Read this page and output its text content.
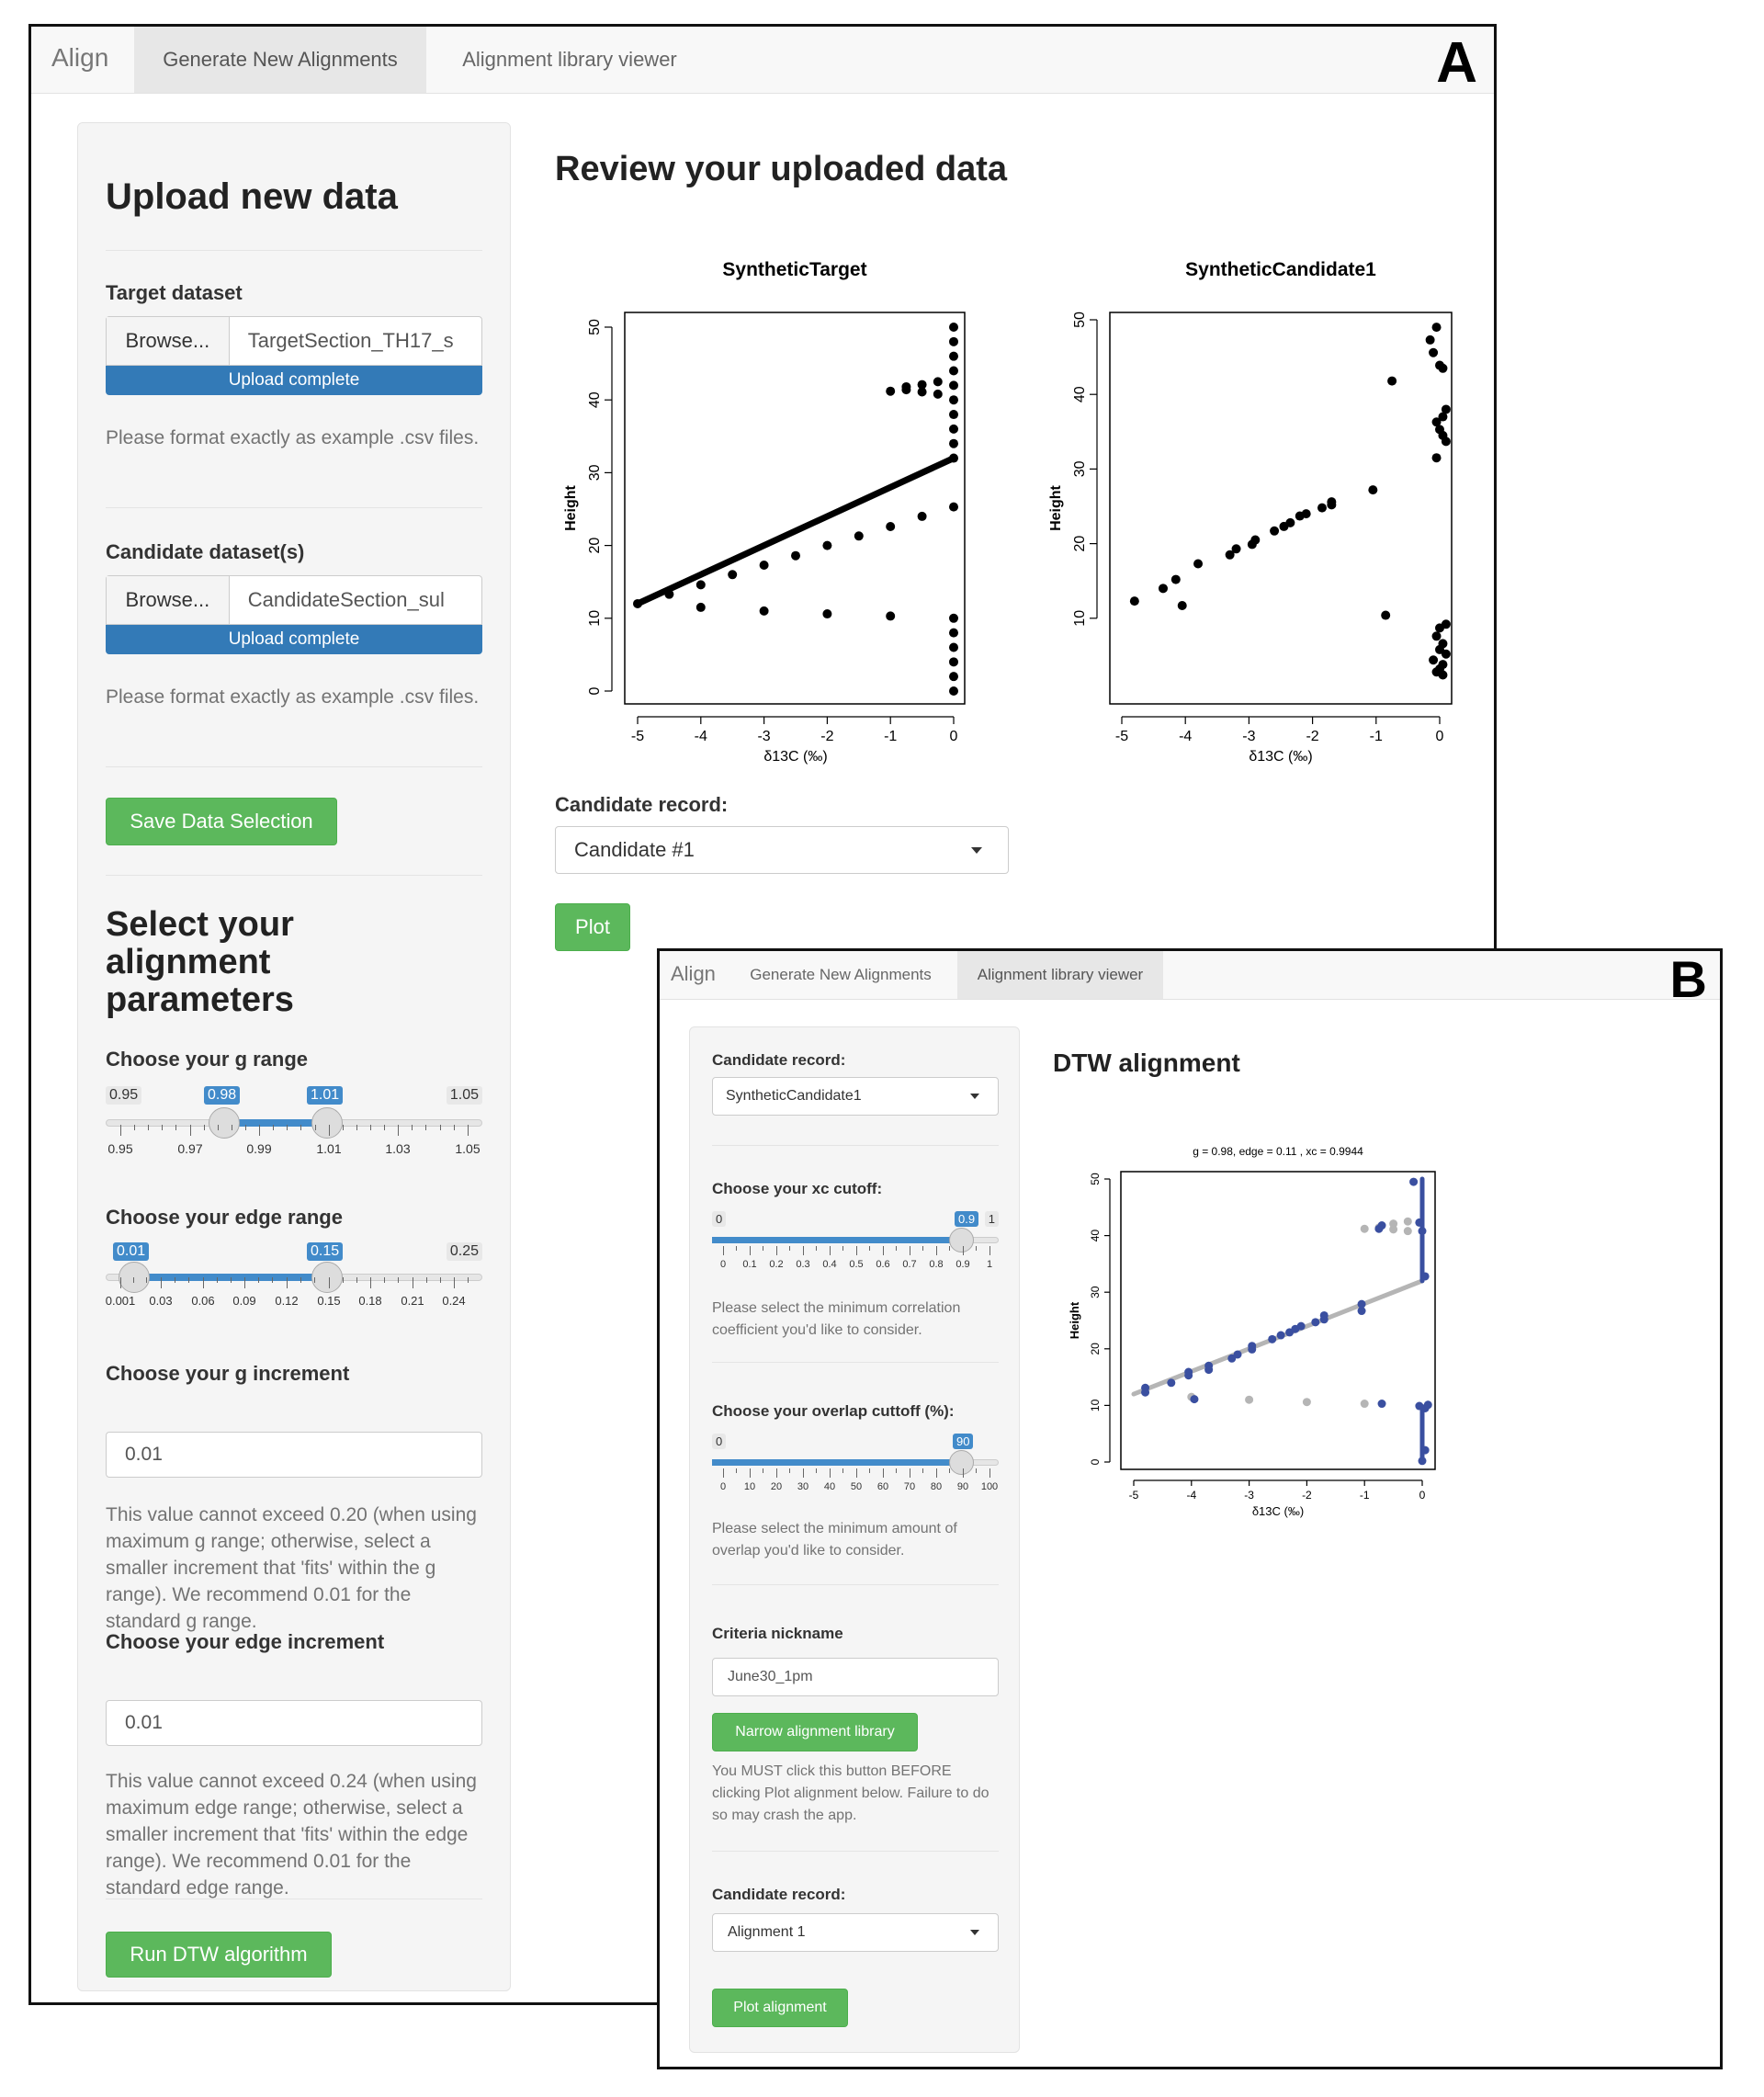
Align	Generate New Alignments	Alignment library viewer	A
Upload new data
Target dataset
Browse...	TargetSection_TH17_s
Upload complete
Please format exactly as example .csv files.
Candidate dataset(s)
Browse...	CandidateSection_sul
Upload complete
Please format exactly as example .csv files.
Save Data Selection
Select your alignment parameters
Choose your g range
0.95	1.05
0.98	1.01
0.95	0.97	0.99	1.01	1.03	1.05
Choose your edge range
0.25
0.01	0.15
0.001 0.03 0.06 0.09 0.12 0.15 0.18 0.21 0.24
Choose your g increment
0.01
This value cannot exceed 0.20 (when using maximum g range; otherwise, select a smaller increment that 'fits' within the g range). We recommend 0.01 for the standard g range.
Choose your edge increment
0.01
This value cannot exceed 0.24 (when using maximum edge range; otherwise, select a smaller increment that 'fits' within the edge range). We recommend 0.01 for the standard edge range.
Run DTW algorithm
Review your uploaded data
SyntheticTarget
-5	-4	-3	-2	-1	0
0
10
20
30
40
50
δ13C (‰)
Height
SyntheticCandidate1
-5	-4	-3	-2	-1	0
10
20
30
40
50
δ13C (‰)
Height
Candidate record:
Candidate #1
Plot
Align	Generate New Alignments	Alignment library viewer	B
Candidate record:
SyntheticCandidate1
Choose your xc cutoff:
0	1
0.9
0 0.1 0.2 0.3 0.4 0.5 0.6 0.7 0.8 0.9 1
Please select the minimum correlation coefficient you'd like to consider.
Choose your overlap cuttoff (%):
0	90
0 10 20 30 40 50 60 70 80 90 100
Please select the minimum amount of overlap you'd like to consider.
Criteria nickname
June30_1pm
Narrow alignment library
You MUST click this button BEFORE clicking Plot alignment below. Failure to do so may crash the app.
Candidate record:
Alignment 1
Plot alignment
DTW alignment
g = 0.98, edge = 0.11 , xc = 0.9944
-5	-4	-3	-2	-1	0
0
10
20
30
40
50
δ13C (‰)
Height
